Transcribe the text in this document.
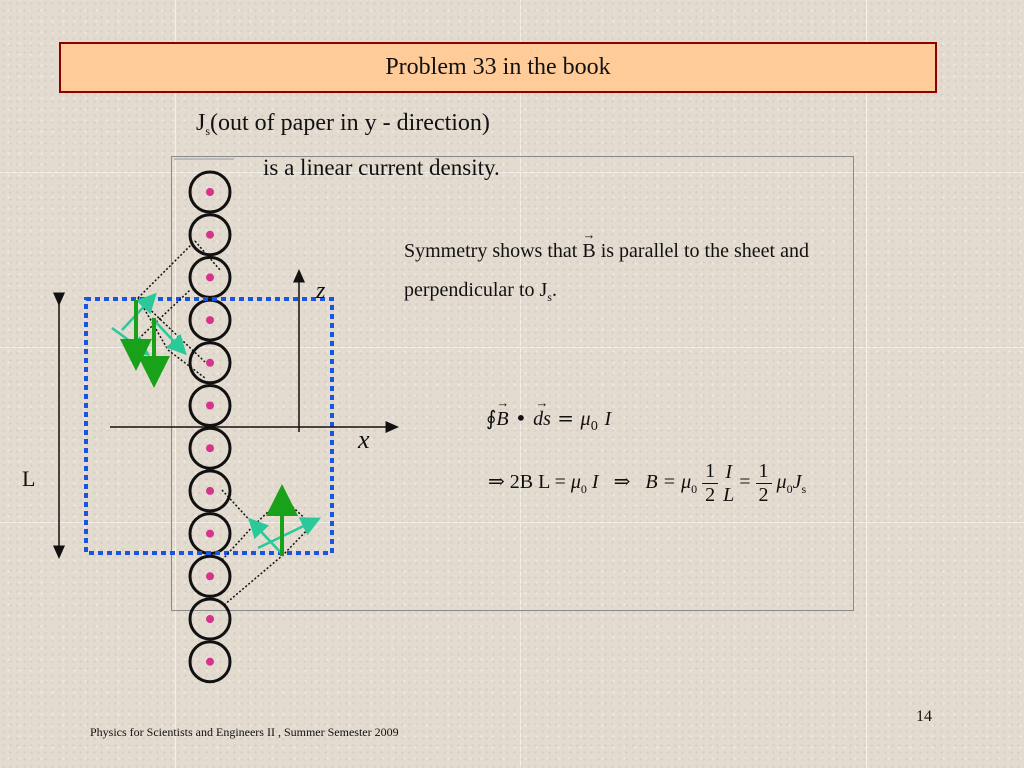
Problem 33 in the book
$J_s(out$ of paper in y - direction)
is a linear current density.
Symmetry shows that → B is parallel to the sheet and
perpendicular to $J_s$.
L
x
z
∮→ B • → ds = $\mu_0$ I
⇒ 2B $L = \mu_0$ I ⇒ $B = \mu_0 \frac{1}{2}$
I
L
= $\frac{1}{2} \mu_0J_s$
Physics for Scientists and Engineers II , Summer Semester 2009
14
